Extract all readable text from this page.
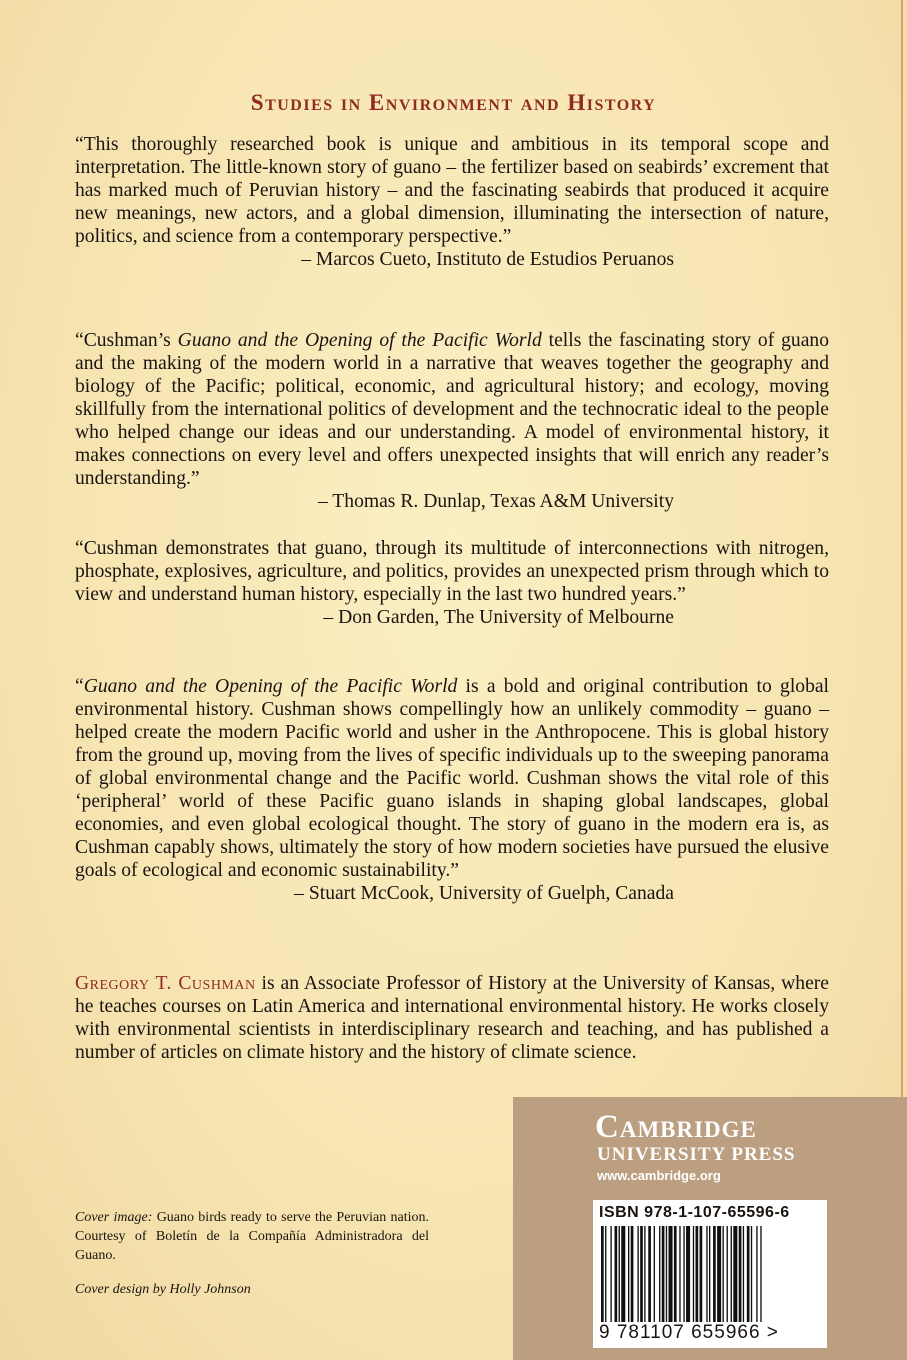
Studies in Environment and History

“This thoroughly researched book is unique and ambitious in its temporal scope and interpretation. The little-known story of guano – the fertilizer based on seabirds’ excrement that has marked much of Peruvian history – and the fascinating seabirds that produced it acquire new meanings, new actors, and a global dimension, illuminating the intersection of nature, politics, and science from a contemporary perspective.”

– Marcos Cueto, Instituto de Estudios Peruanos

“Cushman’s Guano and the Opening of the Pacific World tells the fascinating story of guano and the making of the modern world in a narrative that weaves together the geography and biology of the Pacific; political, economic, and agricultural history; and ecology, moving skillfully from the international politics of development and the technocratic ideal to the people who helped change our ideas and our understanding. A model of environmental history, it makes connections on every level and offers unexpected insights that will enrich any reader’s understanding.”

– Thomas R. Dunlap, Texas A&M University

“Cushman demonstrates that guano, through its multitude of interconnections with nitrogen, phosphate, explosives, agriculture, and politics, provides an unexpected prism through which to view and understand human history, especially in the last two hundred years.”

– Don Garden, The University of Melbourne

“Guano and the Opening of the Pacific World is a bold and original contribution to global environmental history. Cushman shows compellingly how an unlikely commodity – guano – helped create the modern Pacific world and usher in the Anthropocene. This is global history from the ground up, moving from the lives of specific individuals up to the sweeping panorama of global environmental change and the Pacific world. Cushman shows the vital role of this ‘peripheral’ world of these Pacific guano islands in shaping global landscapes, global economies, and even global ecological thought. The story of guano in the modern era is, as Cushman capably shows, ultimately the story of how modern societies have pursued the elusive goals of ecological and economic sustainability.”

– Stuart McCook, University of Guelph, Canada
Gregory T. Cushman is an Associate Professor of History at the University of Kansas, where he teaches courses on Latin America and international environmental history. He works closely with environmental scientists in interdisciplinary research and teaching, and has published a number of articles on climate history and the history of climate science.

Cover image: Guano birds ready to serve the Peruvian nation. Courtesy of Boletín de la Compañía Administradora del Guano.

Cover design by Holly Johnson
Cambridge
UNIVERSITY PRESS
www.cambridge.org
ISBN 978-1-107-65596-6
9 781107 655966 >
